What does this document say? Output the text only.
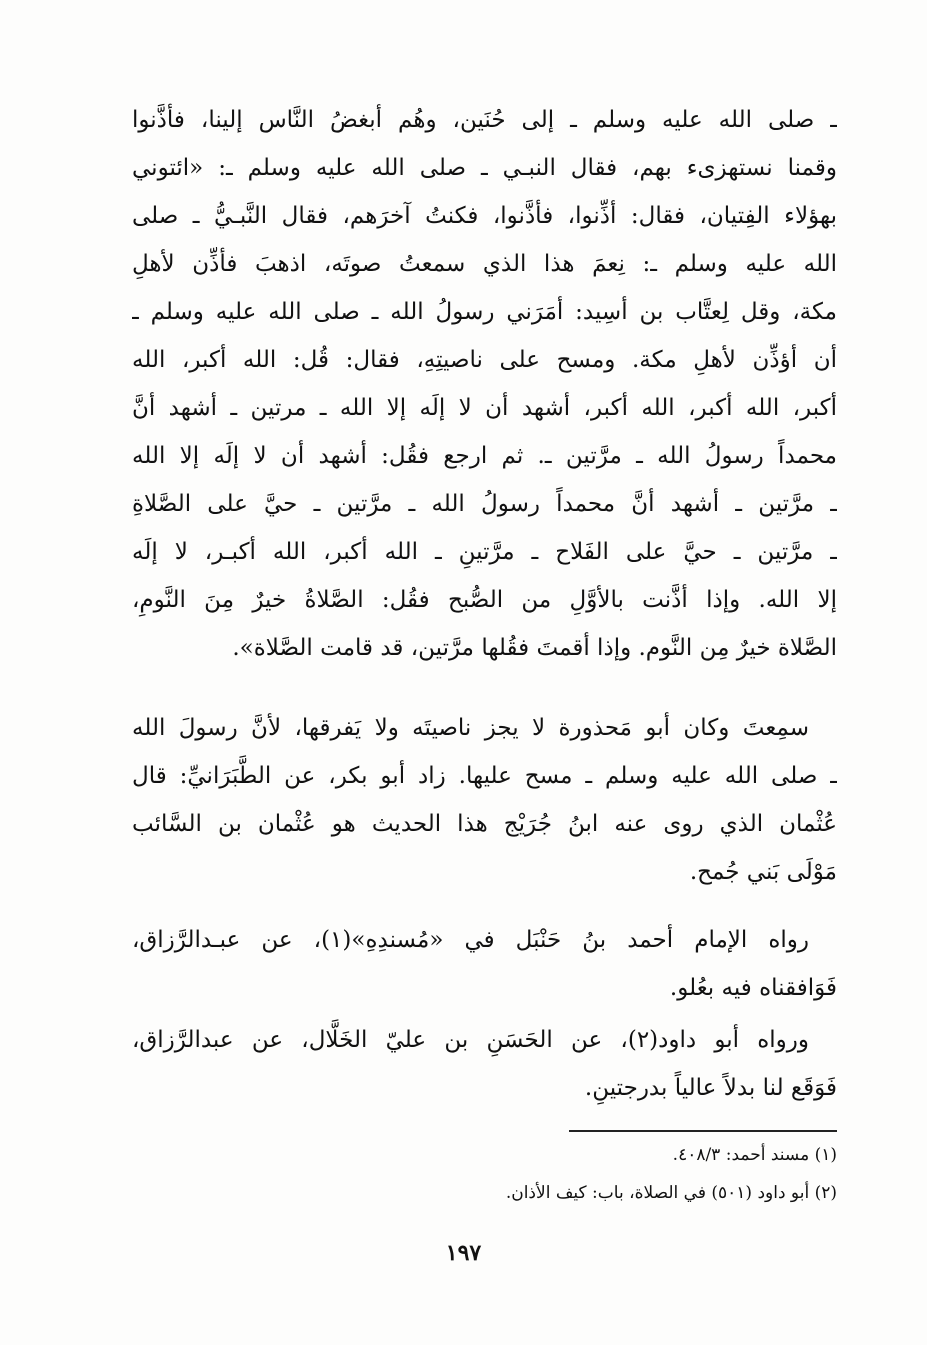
ـ صلى الله عليه وسلم ـ إلى حُنَين، وهُم أبغضُ النَّاس إلينا، فأذَّنوا
وقمنا نستهزىء بهم، فقال النبـي ـ صلى الله عليه وسلم ـ: «ائتوني
بهؤلاء الفِتيان، فقال: أذِّنوا، فأذَّنوا، فكنتُ آخرَهم، فقال النَّبـيُّ ـ صلى
الله عليه وسلم ـ: نِعمَ هذا الذي سمعتُ صوتَه، اذهبَ فأذِّن لأهلِ
مكة، وقل لِعتَّاب بن أسِيد: أمَرَني رسولُ الله ـ صلى الله عليه وسلم ـ
أن أؤذِّن لأهلِ مكة. ومسح على ناصيتِهِ، فقال: قُل: الله أكبر، الله
أكبر، الله أكبر، الله أكبر، أشهد أن لا إلَه إلا الله ـ مرتين ـ أشهد أنَّ
محمداً رسولُ الله ـ مرَّتين ـ. ثم ارجع فقُل: أشهد أن لا إلَه إلا الله
ـ مرَّتين ـ أشهد أنَّ محمداً رسولُ الله ـ مرَّتين ـ حيَّ على الصَّلاةِ
ـ مرَّتين ـ حيَّ على الفَلاح ـ مرَّتينِ ـ الله أكبر، الله أكبـر، لا إلَه
إلا الله. وإذا أذَّنت بالأوَّلِ من الصُّبح فقُل: الصَّلاةُ خيرٌ مِنَ النَّومِ،
الصَّلاة خيرٌ مِن النَّوم. وإذا أقمتَ فقُلها مرَّتين، قد قامت الصَّلاة».
سمِعتَ وكان أبو مَحذورة لا يجز ناصيتَه ولا يَفرقها، لأنَّ رسولَ الله
ـ صلى الله عليه وسلم ـ مسح عليها. زاد أبو بكر، عن الطَّبَرَانيِّ: قال
عُثْمان الذي روى عنه ابنُ جُرَيْج هذا الحديث هو عُثْمان بن السَّائب
مَوْلَى بَني جُمح.
رواه الإمام أحمد بنُ حَنْبَل في «مُسندِهِ»(١)، عن عبـدالرَّزاق،
فَوَافقناه فيه بعُلو.
ورواه أبو داود(٢)، عن الحَسَنِ بن عليّ الخَلَّال، عن عبدالرَّزاق،
فَوَقَع لنا بدلاً عالياً بدرجتينِ.
(١) مسند أحمد: ٤٠٨/٣.
(٢) أبو داود (٥٠١) في الصلاة، باب: كيف الأذان.
١٩٧
